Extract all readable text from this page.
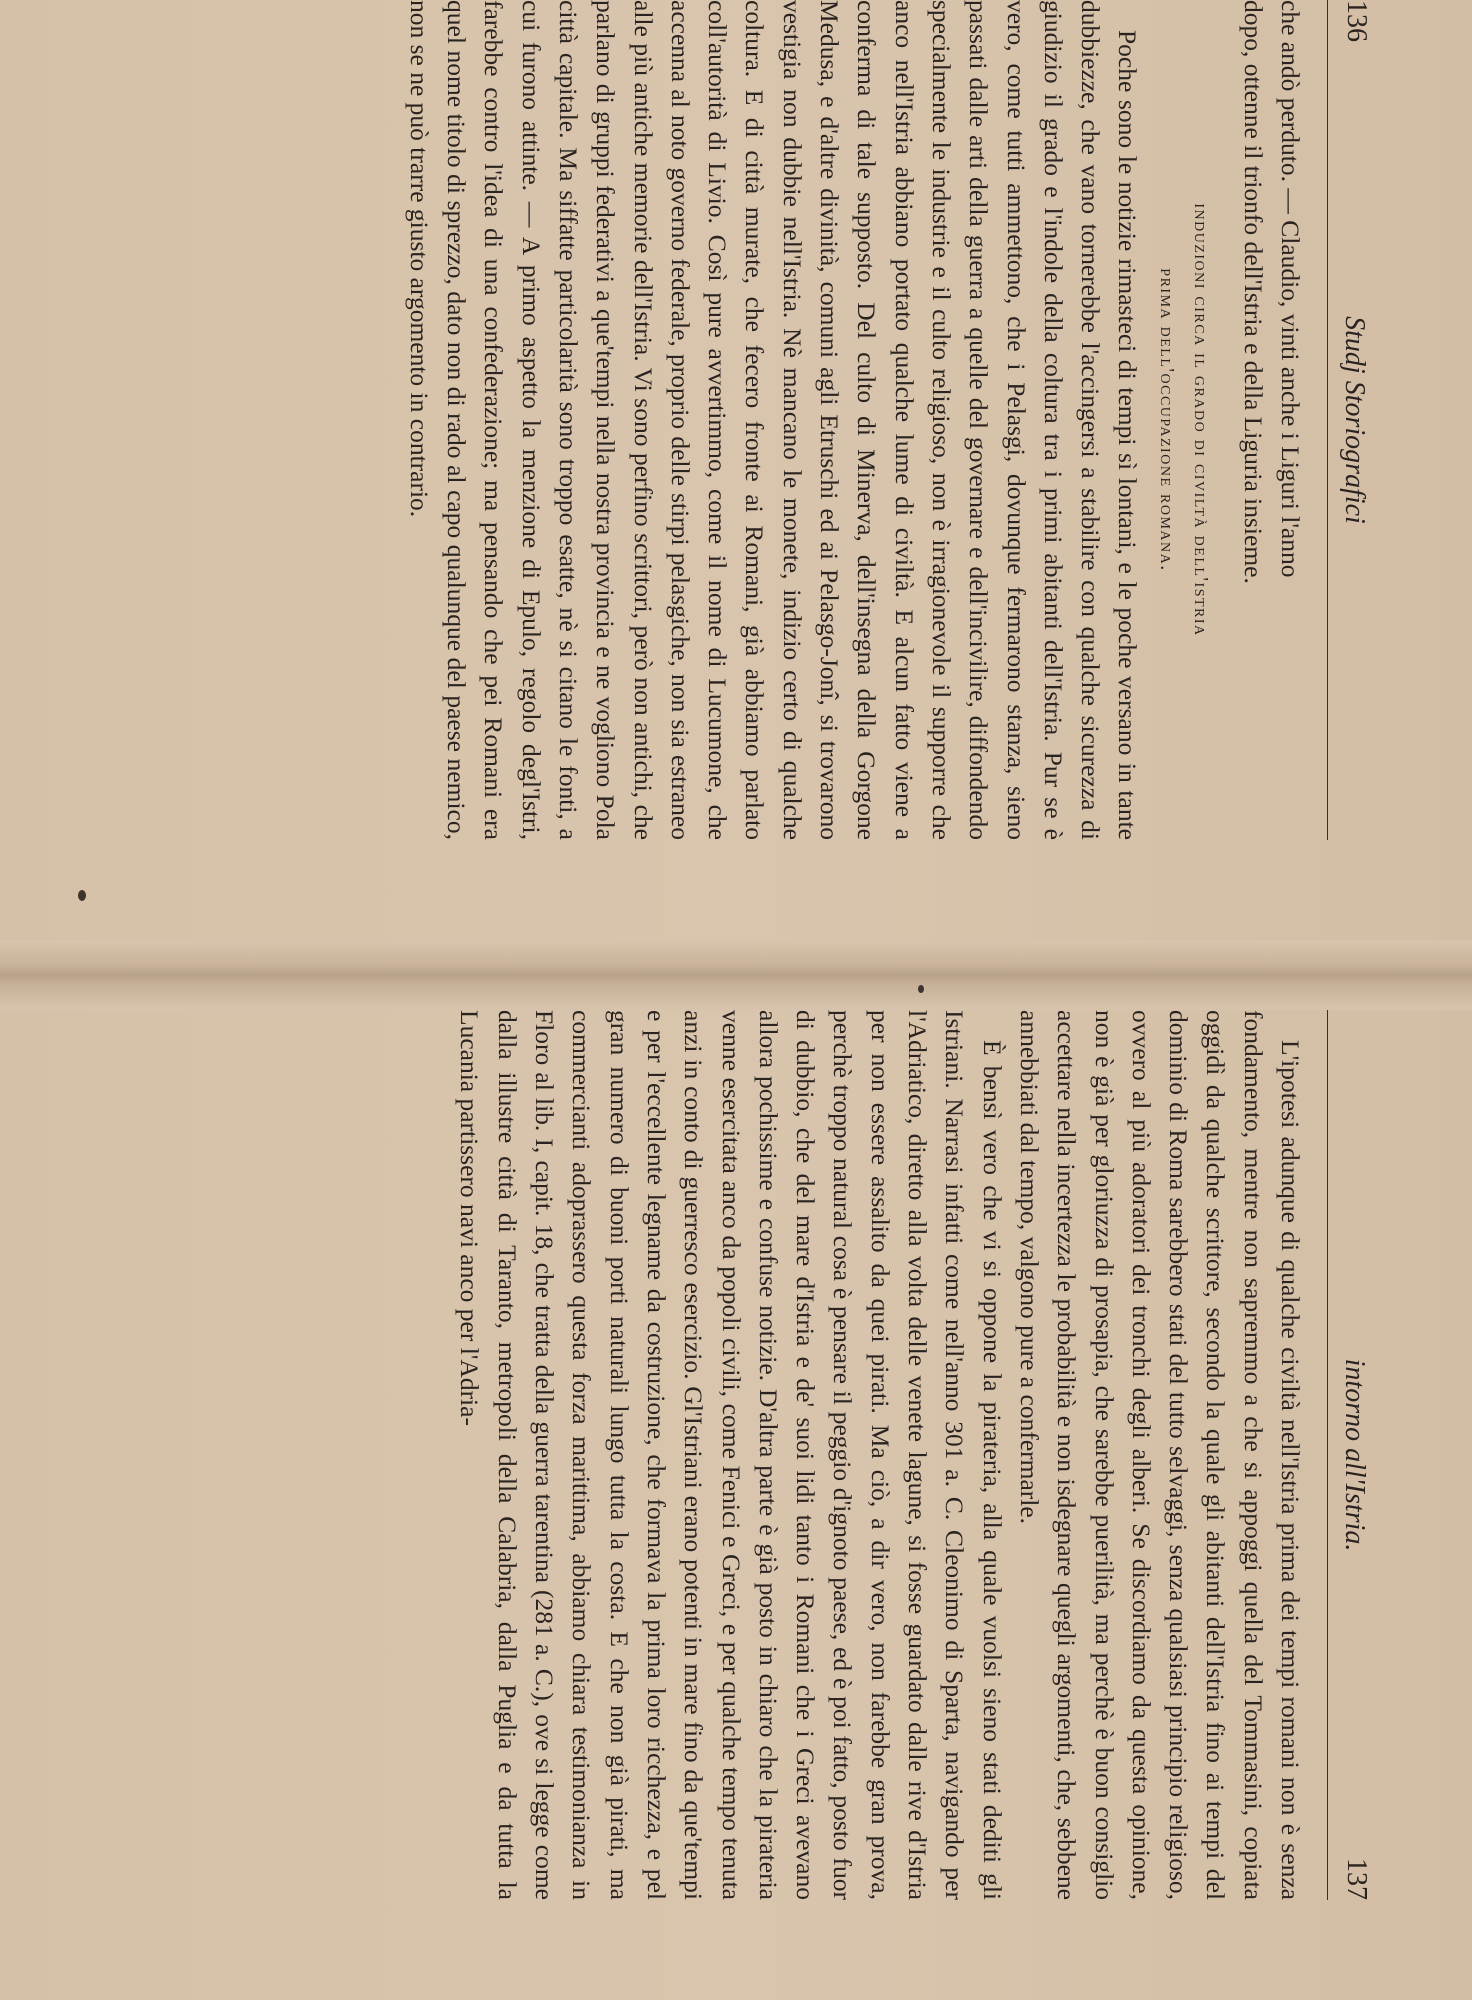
136
Studj Storiografici

che andò perduto. — Claudio, vinti anche i Liguri l'anno

dopo, ottenne il trionfo dell'Istria e della Liguria insieme.

induzioni circa il grado di civiltà dell'istria
prima dell'occupazione romana.

Poche sono le notizie rimasteci di tempi sì lontani, e le poche versano in tante dubbiezze, che vano tornerebbe l'accingersi a stabilire con qualche sicurezza di giudizio il grado e l'indole della coltura tra i primi abitanti dell'Istria. Pur se è vero, come tutti ammettono, che i Pelasgi, dovunque fermarono stanza, sieno passati dalle arti della guerra a quelle del governare e dell'incivilire, diffondendo specialmente le industrie e il culto religioso, non è irragionevole il supporre che anco nell'Istria abbiano portato qualche lume di civiltà. E alcun fatto viene a conferma di tale supposto. Del culto di Minerva, dell'insegna della Gorgone Medusa, e d'altre divinità, comuni agli Etruschi ed ai Pelasgo-Jonî, si trovarono vestigia non dubbie nell'Istria. Nè mancano le monete, indizio certo di qualche coltura. E di città murate, che fecero fronte ai Romani, già abbiamo parlato coll'autorità di Livio. Così pure avvertimmo, come il nome di Lucumone, che accenna al noto governo federale, proprio delle stirpi pelasgiche, non sia estraneo alle più antiche memorie dell'Istria. Vi sono perfino scrittori, però non antichi, che parlano di gruppi federativi a que'tempi nella nostra provincia e ne vogliono Pola città capitale. Ma siffatte particolarità sono troppo esatte, nè si citano le fonti, a cui furono attinte. — A primo aspetto la menzione di Epulo, regolo degl'Istri, farebbe contro l'idea di una confederazione; ma pensando che pei Romani era quel nome titolo di sprezzo, dato non di rado al capo qualunque del paese nemico, non se ne può trarre giusto argomento in contrario.

intorno all'Istria.
137

L'ipotesi adunque di qualche civiltà nell'Istria prima dei tempi romani non è senza fondamento, mentre non sapremmo a che si appoggi quella del Tommasini, copiata oggidì da qualche scrittore, secondo la quale gli abitanti dell'Istria fino ai tempi del dominio di Roma sarebbero stati del tutto selvaggi, senza qualsiasi principio religioso, ovvero al più adoratori dei tronchi degli alberi. Se discordiamo da questa opinione, non è già per gloriuzza di prosapia, che sarebbe puerilità, ma perchè è buon consiglio accettare nella incertezza le probabilità e non isdegnare quegli argomenti, che, sebbene annebbiati dal tempo, valgono pure a confermarle.

È bensì vero che vi si oppone la pirateria, alla quale vuolsi sieno stati dediti gli Istriani. Narrasi infatti come nell'anno 301 a. C. Cleonimo di Sparta, navigando per l'Adriatico, diretto alla volta delle venete lagune, si fosse guardato dalle rive d'Istria per non essere assalito da quei pirati. Ma ciò, a dir vero, non farebbe gran prova, perchè troppo natural cosa è pensare il peggio d'ignoto paese, ed è poi fatto, posto fuor di dubbio, che del mare d'Istria e de' suoi lidi tanto i Romani che i Greci avevano allora pochissime e confuse notizie. D'altra parte è già posto in chiaro che la pirateria venne esercitata anco da popoli civili, come Fenici e Greci, e per qualche tempo tenuta anzi in conto di guerresco esercizio. Gl'Istriani erano potenti in mare fino da que'tempi e per l'eccellente legname da costruzione, che formava la prima loro ricchezza, e pel gran numero di buoni porti naturali lungo tutta la costa. E che non già pirati, ma commercianti adoprassero questa forza marittima, abbiamo chiara testimonianza in Floro al lib. I, capit. 18, che tratta della guerra tarentina (281 a. C.), ove si legge come dalla illustre città di Taranto, metropoli della Calabria, dalla Puglia e da tutta la Lucania partissero navi anco per l'Adria-
